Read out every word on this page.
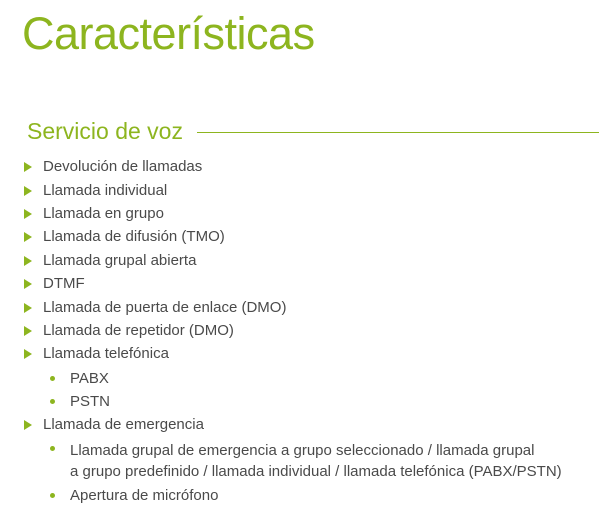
Características
Servicio de voz
Devolución de llamadas
Llamada individual
Llamada en grupo
Llamada de difusión (TMO)
Llamada grupal abierta
DTMF
Llamada de puerta de enlace (DMO)
Llamada de repetidor (DMO)
Llamada telefónica
PABX
PSTN
Llamada de emergencia
Llamada grupal de emergencia a grupo seleccionado / llamada grupal
a grupo predefinido / llamada individual / llamada telefónica (PABX/PSTN)
Apertura de micrófono
